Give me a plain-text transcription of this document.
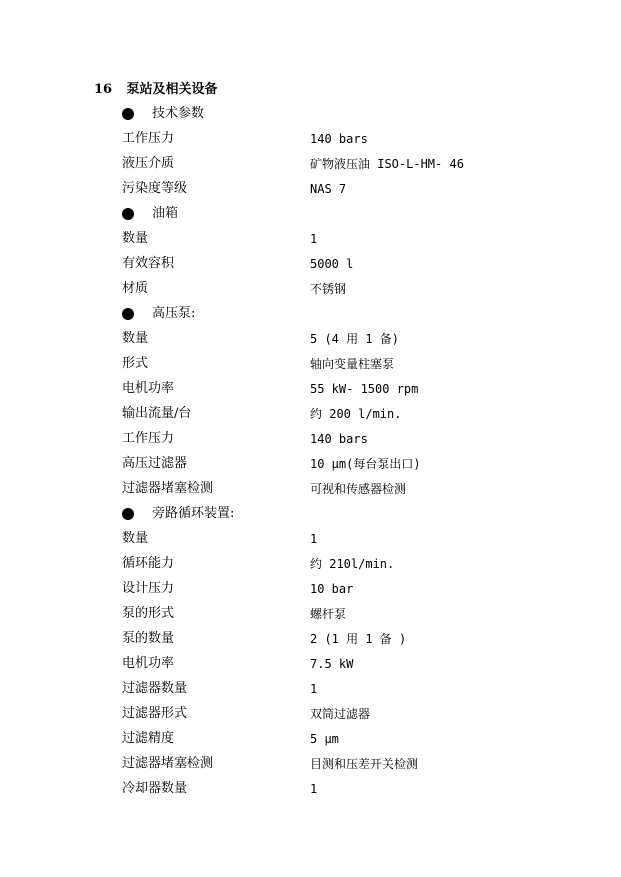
16 泵站及相关设备
技术参数
工作压力	140 bars
液压介质	矿物液压油 ISO-L-HM- 46
污染度等级	NAS 7
油箱
数量	1
有效容积	5000 l
材质	不锈钢
高压泵:
数量	5 (4 用 1 备)
形式	轴向变量柱塞泵
电机功率	55 kW- 1500 rpm
输出流量/台	约 200 l/min.
工作压力	140 bars
高压过滤器	10 μm(每台泵出口)
过滤器堵塞检测	可视和传感器检测
旁路循环装置:
数量	1
循环能力	约 210l/min.
设计压力	10 bar
泵的形式	螺杆泵
泵的数量	2 (1 用 1 备 )
电机功率	7.5 kW
过滤器数量	1
过滤器形式	双筒过滤器
过滤精度	5 μm
过滤器堵塞检测	目测和压差开关检测
冷却器数量	1
